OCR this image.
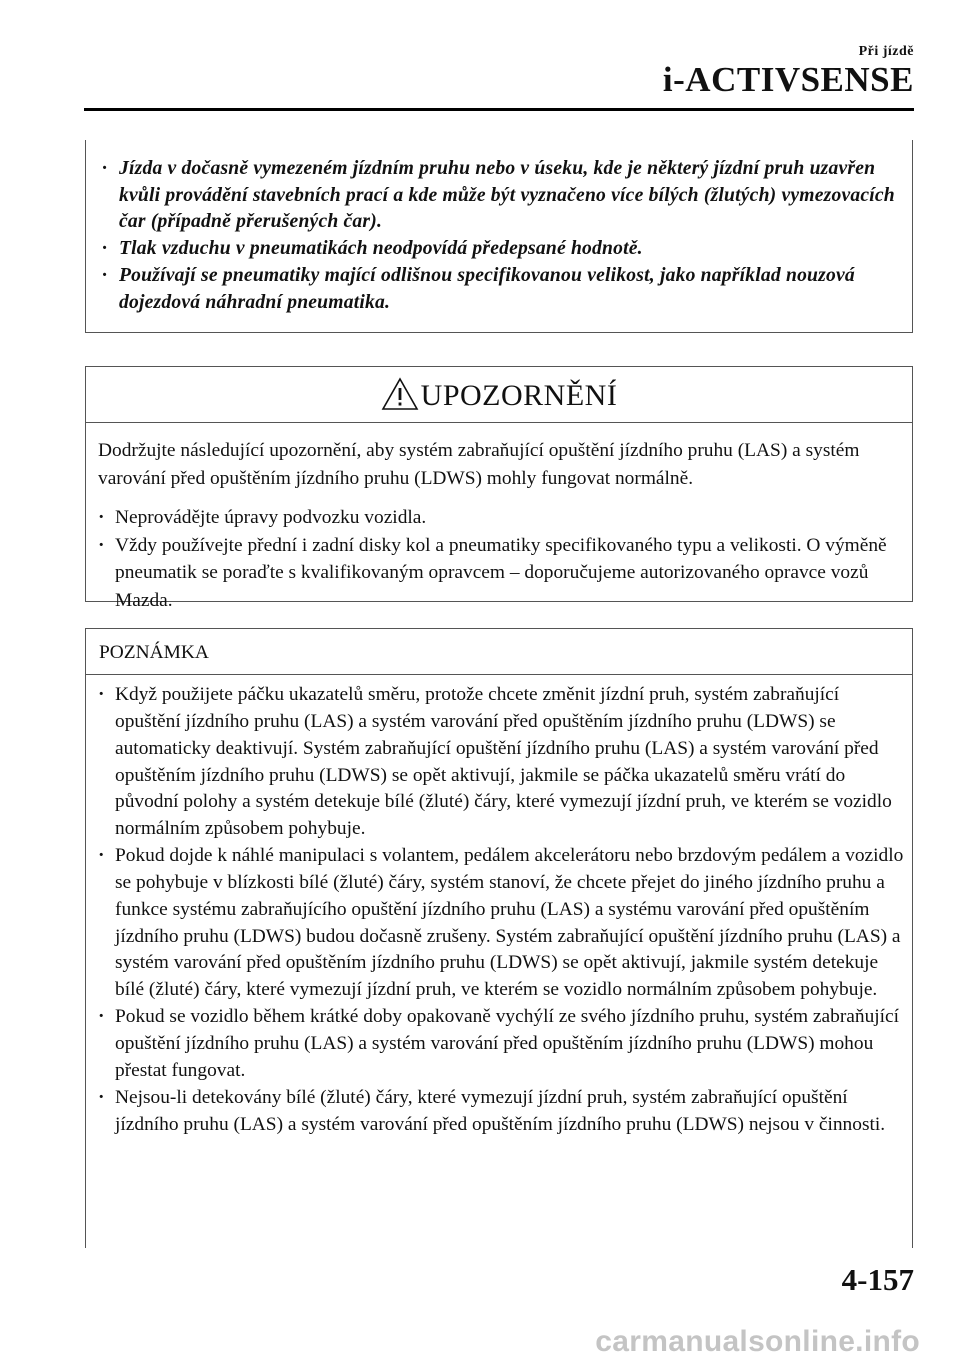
Při jízdě
i-ACTIVSENSE
· Jízda v dočasně vymezeném jízdním pruhu nebo v úseku, kde je některý jízdní pruh uzavřen kvůli provádění stavebních prací a kde může být vyznačeno více bílých (žlutých) vymezovacích čar (případně přerušených čar).
· Tlak vzduchu v pneumatikách neodpovídá předepsané hodnotě.
· Používají se pneumatiky mající odlišnou specifikovanou velikost, jako například nouzová dojezdová náhradní pneumatika.
UPOZORNĚNÍ

Dodržujte následující upozornění, aby systém zabraňující opuštění jízdního pruhu (LAS) a systém varování před opuštěním jízdního pruhu (LDWS) mohly fungovat normálně.

· Neprovádějte úpravy podvozku vozidla.
· Vždy používejte přední i zadní disky kol a pneumatiky specifikovaného typu a velikosti. O výměně pneumatik se poraďte s kvalifikovaným opravcem – doporučujeme autorizovaného opravce vozů Mazda.
POZNÁMKA
· Když použijete páčku ukazatelů směru, protože chcete změnit jízdní pruh, systém zabraňující opuštění jízdního pruhu (LAS) a systém varování před opuštěním jízdního pruhu (LDWS) se automaticky deaktivují. Systém zabraňující opuštění jízdního pruhu (LAS) a systém varování před opuštěním jízdního pruhu (LDWS) se opět aktivují, jakmile se páčka ukazatelů směru vrátí do původní polohy a systém detekuje bílé (žluté) čáry, které vymezují jízdní pruh, ve kterém se vozidlo normálním způsobem pohybuje.
· Pokud dojde k náhlé manipulaci s volantem, pedálem akcelerátoru nebo brzdovým pedálem a vozidlo se pohybuje v blízkosti bílé (žluté) čáry, systém stanoví, že chcete přejet do jiného jízdního pruhu a funkce systému zabraňujícího opuštění jízdního pruhu (LAS) a systému varování před opuštěním jízdního pruhu (LDWS) budou dočasně zrušeny. Systém zabraňující opuštění jízdního pruhu (LAS) a systém varování před opuštěním jízdního pruhu (LDWS) se opět aktivují, jakmile systém detekuje bílé (žluté) čáry, které vymezují jízdní pruh, ve kterém se vozidlo normálním způsobem pohybuje.
· Pokud se vozidlo během krátké doby opakovaně vychýlí ze svého jízdního pruhu, systém zabraňující opuštění jízdního pruhu (LAS) a systém varování před opuštěním jízdního pruhu (LDWS) mohou přestat fungovat.
· Nejsou-li detekovány bílé (žluté) čáry, které vymezují jízdní pruh, systém zabraňující opuštění jízdního pruhu (LAS) a systém varování před opuštěním jízdního pruhu (LDWS) nejsou v činnosti.
4-157
carmanualsonline.info
